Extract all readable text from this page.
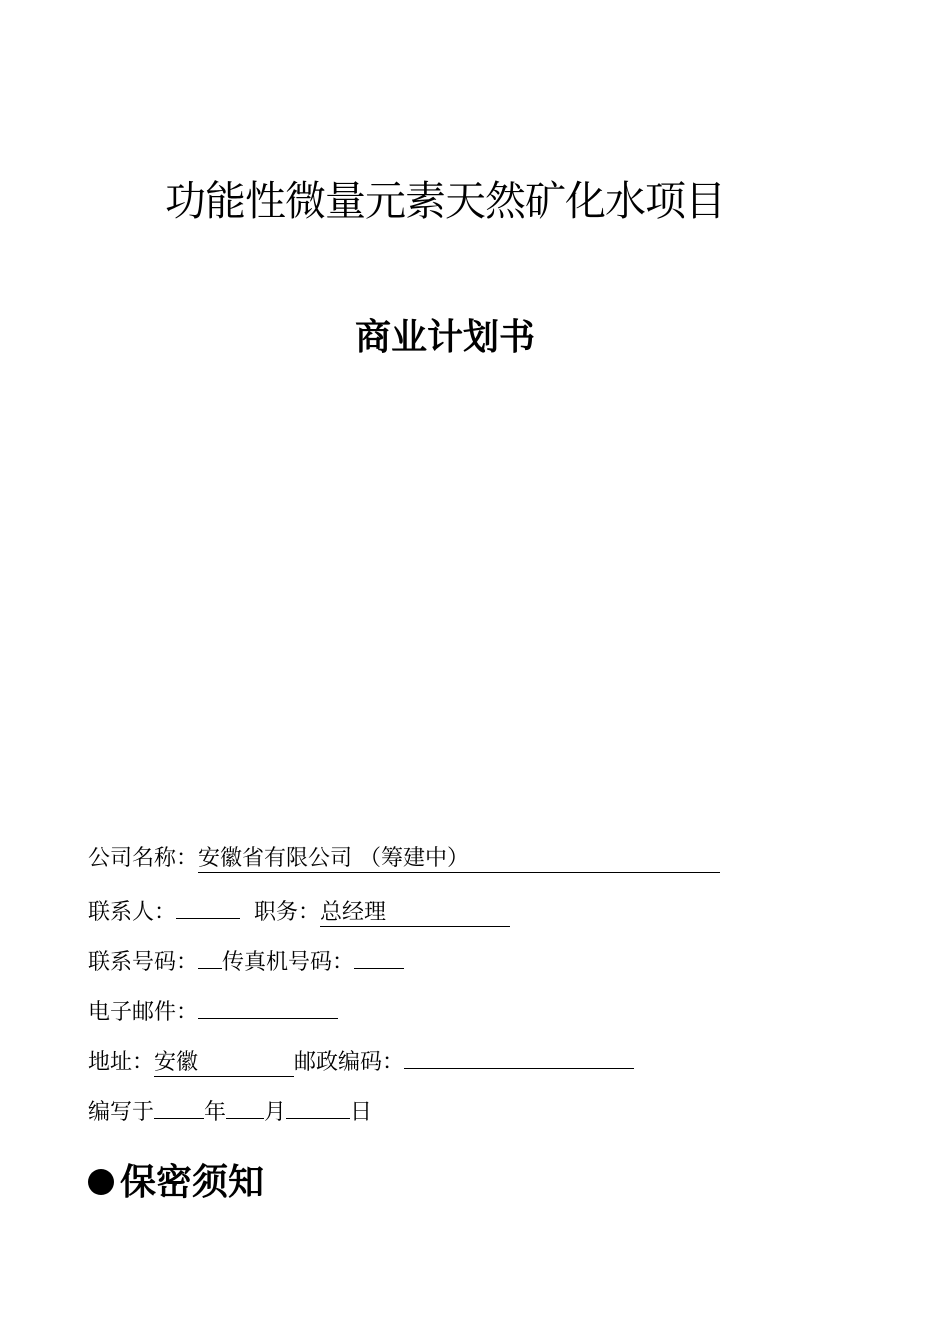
功能性微量元素天然矿化水项目
商业计划书
公司名称： 安徽省有限公司 （筹建中）
联系人：	职务： 总经理
联系号码： 传真机号码：
电子邮件：
地址： 安徽	邮政编码：
编写于 年 月	日
保密须知
